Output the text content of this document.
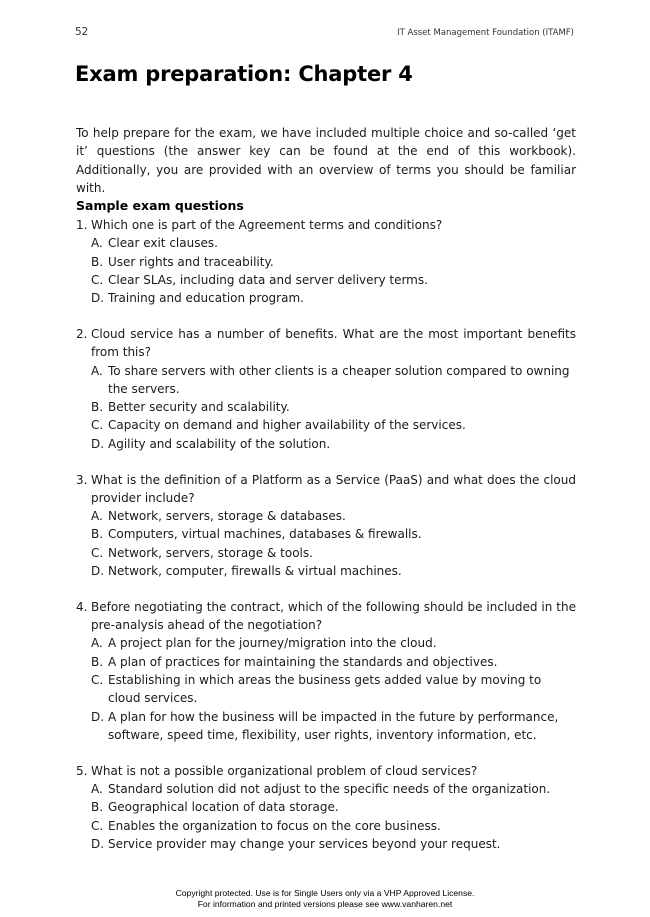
52	IT Asset Management Foundation (ITAMF)
Exam preparation: Chapter 4

To help prepare for the exam, we have included multiple choice and so-called ‘get it’ questions (the answer key can be found at the end of this workbook). Additionally, you are provided with an overview of terms you should be familiar with.

Sample exam questions
1. Which one is part of the Agreement terms and conditions?
A. Clear exit clauses.
B. User rights and traceability.
C. Clear SLAs, including data and server delivery terms.
D. Training and education program.
2. Cloud service has a number of benefits. What are the most important benefits from this?
A. To share servers with other clients is a cheaper solution compared to owning the servers.
B. Better security and scalability.
C. Capacity on demand and higher availability of the services.
D. Agility and scalability of the solution.
3. What is the definition of a Platform as a Service (PaaS) and what does the cloud provider include?
A. Network, servers, storage & databases.
B. Computers, virtual machines, databases & firewalls.
C. Network, servers, storage & tools.
D. Network, computer, firewalls & virtual machines.
4. Before negotiating the contract, which of the following should be included in the pre-analysis ahead of the negotiation?
A. A project plan for the journey/migration into the cloud.
B. A plan of practices for maintaining the standards and objectives.
C. Establishing in which areas the business gets added value by moving to cloud services.
D. A plan for how the business will be impacted in the future by performance, software, speed time, flexibility, user rights, inventory information, etc.
5. What is not a possible organizational problem of cloud services?
A. Standard solution did not adjust to the specific needs of the organization.
B. Geographical location of data storage.
C. Enables the organization to focus on the core business.
D. Service provider may change your services beyond your request.
Copyright protected. Use is for Single Users only via a VHP Approved License.
For information and printed versions please see www.vanharen.net
